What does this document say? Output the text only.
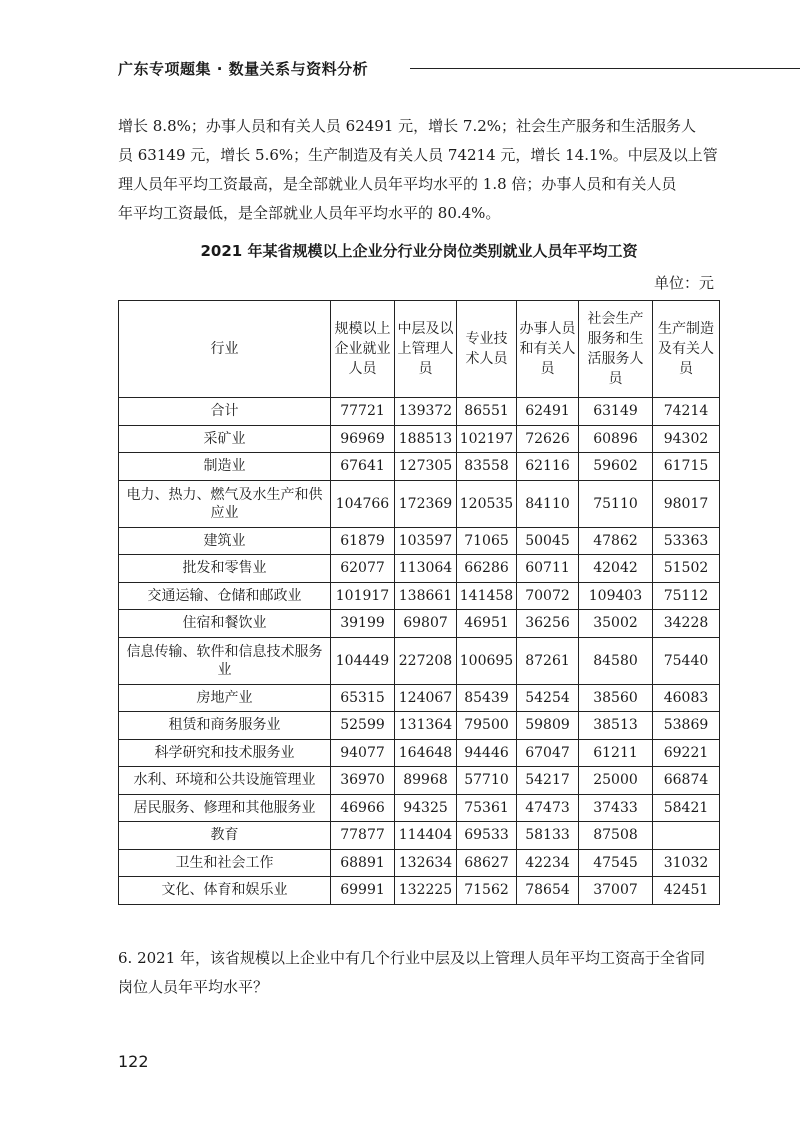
广东专项题集 · 数量关系与资料分析
增长 8.8%；办事人员和有关人员 62491 元，增长 7.2%；社会生产服务和生活服务人
员 63149 元，增长 5.6%；生产制造及有关人员 74214 元，增长 14.1%。中层及以上管
理人员年平均工资最高，是全部就业人员年平均水平的 1.8 倍；办事人员和有关人员
年平均工资最低，是全部就业人员年平均水平的 80.4%。
2021 年某省规模以上企业分行业分岗位类别就业人员年平均工资
单位：元
行业	规模以上企业就业人员	中层及以上管理人员	专业技术人员	办事人员和有关人员	社会生产服务和生活服务人员	生产制造及有关人员
合计	77721	139372	86551	62491	63149	74214
采矿业	96969	188513	102197	72626	60896	94302
制造业	67641	127305	83558	62116	59602	61715
电力、热力、燃气及水生产和供应业	104766	172369	120535	84110	75110	98017
建筑业	61879	103597	71065	50045	47862	53363
批发和零售业	62077	113064	66286	60711	42042	51502
交通运输、仓储和邮政业	101917	138661	141458	70072	109403	75112
住宿和餐饮业	39199	69807	46951	36256	35002	34228
信息传输、软件和信息技术服务业	104449	227208	100695	87261	84580	75440
房地产业	65315	124067	85439	54254	38560	46083
租赁和商务服务业	52599	131364	79500	59809	38513	53869
科学研究和技术服务业	94077	164648	94446	67047	61211	69221
水利、环境和公共设施管理业	36970	89968	57710	54217	25000	66874
居民服务、修理和其他服务业	46966	94325	75361	47473	37433	58421
教育	77877	114404	69533	58133	87508	
卫生和社会工作	68891	132634	68627	42234	47545	31032
文化、体育和娱乐业	69991	132225	71562	78654	37007	42451
6. 2021 年，该省规模以上企业中有几个行业中层及以上管理人员年平均工资高于全省同岗位人员年平均水平？
122
